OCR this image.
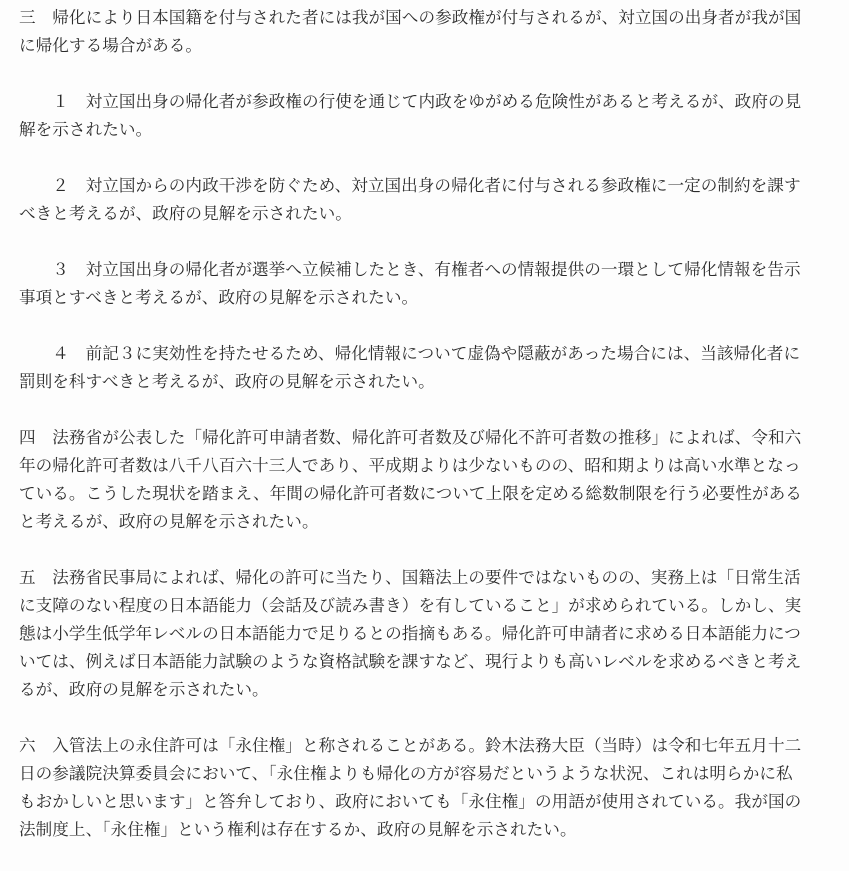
三　帰化により日本国籍を付与された者には我が国への参政権が付与されるが、対立国の出身者が我が国に帰化する場合がある。

　　１　対立国出身の帰化者が参政権の行使を通じて内政をゆがめる危険性があると考えるが、政府の見解を示されたい。

　　２　対立国からの内政干渉を防ぐため、対立国出身の帰化者に付与される参政権に一定の制約を課すべきと考えるが、政府の見解を示されたい。

　　３　対立国出身の帰化者が選挙へ立候補したとき、有権者への情報提供の一環として帰化情報を告示事項とすべきと考えるが、政府の見解を示されたい。

　　４　前記３に実効性を持たせるため、帰化情報について虚偽や隠蔽があった場合には、当該帰化者に罰則を科すべきと考えるが、政府の見解を示されたい。

四　法務省が公表した「帰化許可申請者数、帰化許可者数及び帰化不許可者数の推移」によれば、令和六年の帰化許可者数は八千八百六十三人であり、平成期よりは少ないものの、昭和期よりは高い水準となっている。こうした現状を踏まえ、年間の帰化許可者数について上限を定める総数制限を行う必要性があると考えるが、政府の見解を示されたい。

五　法務省民事局によれば、帰化の許可に当たり、国籍法上の要件ではないものの、実務上は「日常生活に支障のない程度の日本語能力（会話及び読み書き）を有していること」が求められている。しかし、実態は小学生低学年レベルの日本語能力で足りるとの指摘もある。帰化許可申請者に求める日本語能力については、例えば日本語能力試験のような資格試験を課すなど、現行よりも高いレベルを求めるべきと考えるが、政府の見解を示されたい。

六　入管法上の永住許可は「永住権」と称されることがある。鈴木法務大臣（当時）は令和七年五月十二日の参議院決算委員会において、「永住権よりも帰化の方が容易だというような状況、これは明らかに私もおかしいと思います」と答弁しており、政府においても「永住権」の用語が使用されている。我が国の法制度上、「永住権」という権利は存在するか、政府の見解を示されたい。
